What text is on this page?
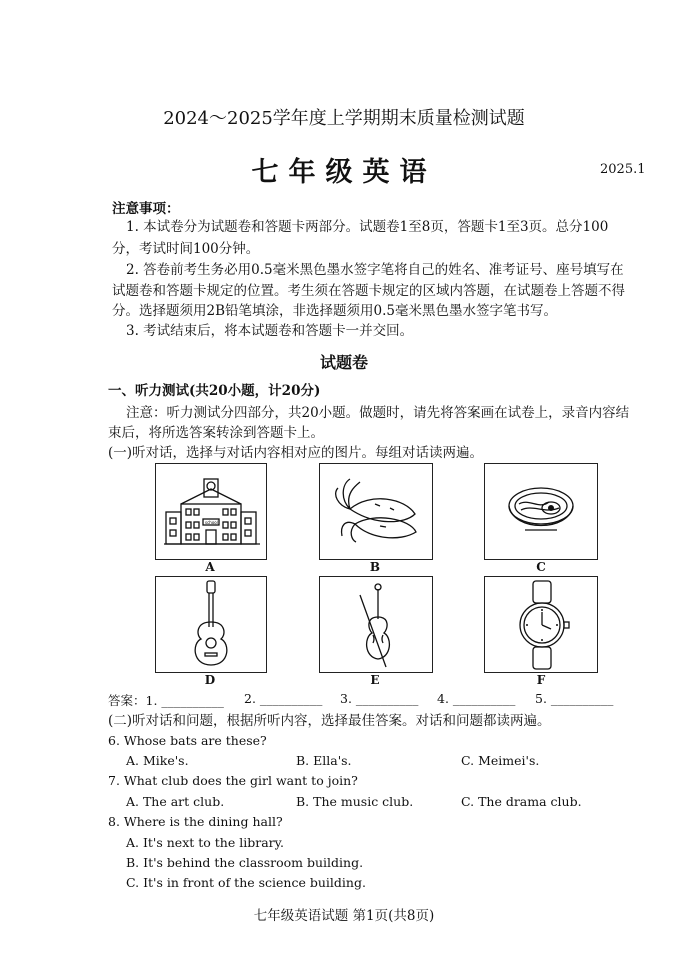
2024～2025学年度上学期期末质量检测试题
七年级英语	2025.1
注意事项：
1. 本试卷分为试题卷和答题卡两部分。试题卷1至8页，答题卡1至3页。总分100
分，考试时间100分钟。
2. 答卷前考生务必用0.5毫米黑色墨水签字笔将自己的姓名、准考证号、座号填写在
试题卷和答题卡规定的位置。考生须在答题卡规定的区域内答题，在试题卷上答题不得
分。选择题须用2B铅笔填涂，非选择题须用0.5毫米黑色墨水签字笔书写。
3. 考试结束后，将本试题卷和答题卡一并交回。
试题卷
一、听力测试(共20小题，计20分)
注意：听力测试分四部分，共20小题。做题时，请先将答案画在试卷上，录音内容结
束后，将所选答案转涂到答题卡上。
(一)听对话，选择与对话内容相对应的图片。每组对话读两遍。
school
A	B	C
D	E	F
答案：1. __________ 2. __________ 3. __________ 4. __________ 5. __________
(二)听对话和问题，根据所听内容，选择最佳答案。对话和问题都读两遍。
6. Whose bats are these?
A. Mike's.	B. Ella's.	C. Meimei's.
7. What club does the girl want to join?
A. The art club.	B. The music club.	C. The drama club.
8. Where is the dining hall?
A. It's next to the library.
B. It's behind the classroom building.
C. It's in front of the science building.
七年级英语试题 第1页(共8页)
